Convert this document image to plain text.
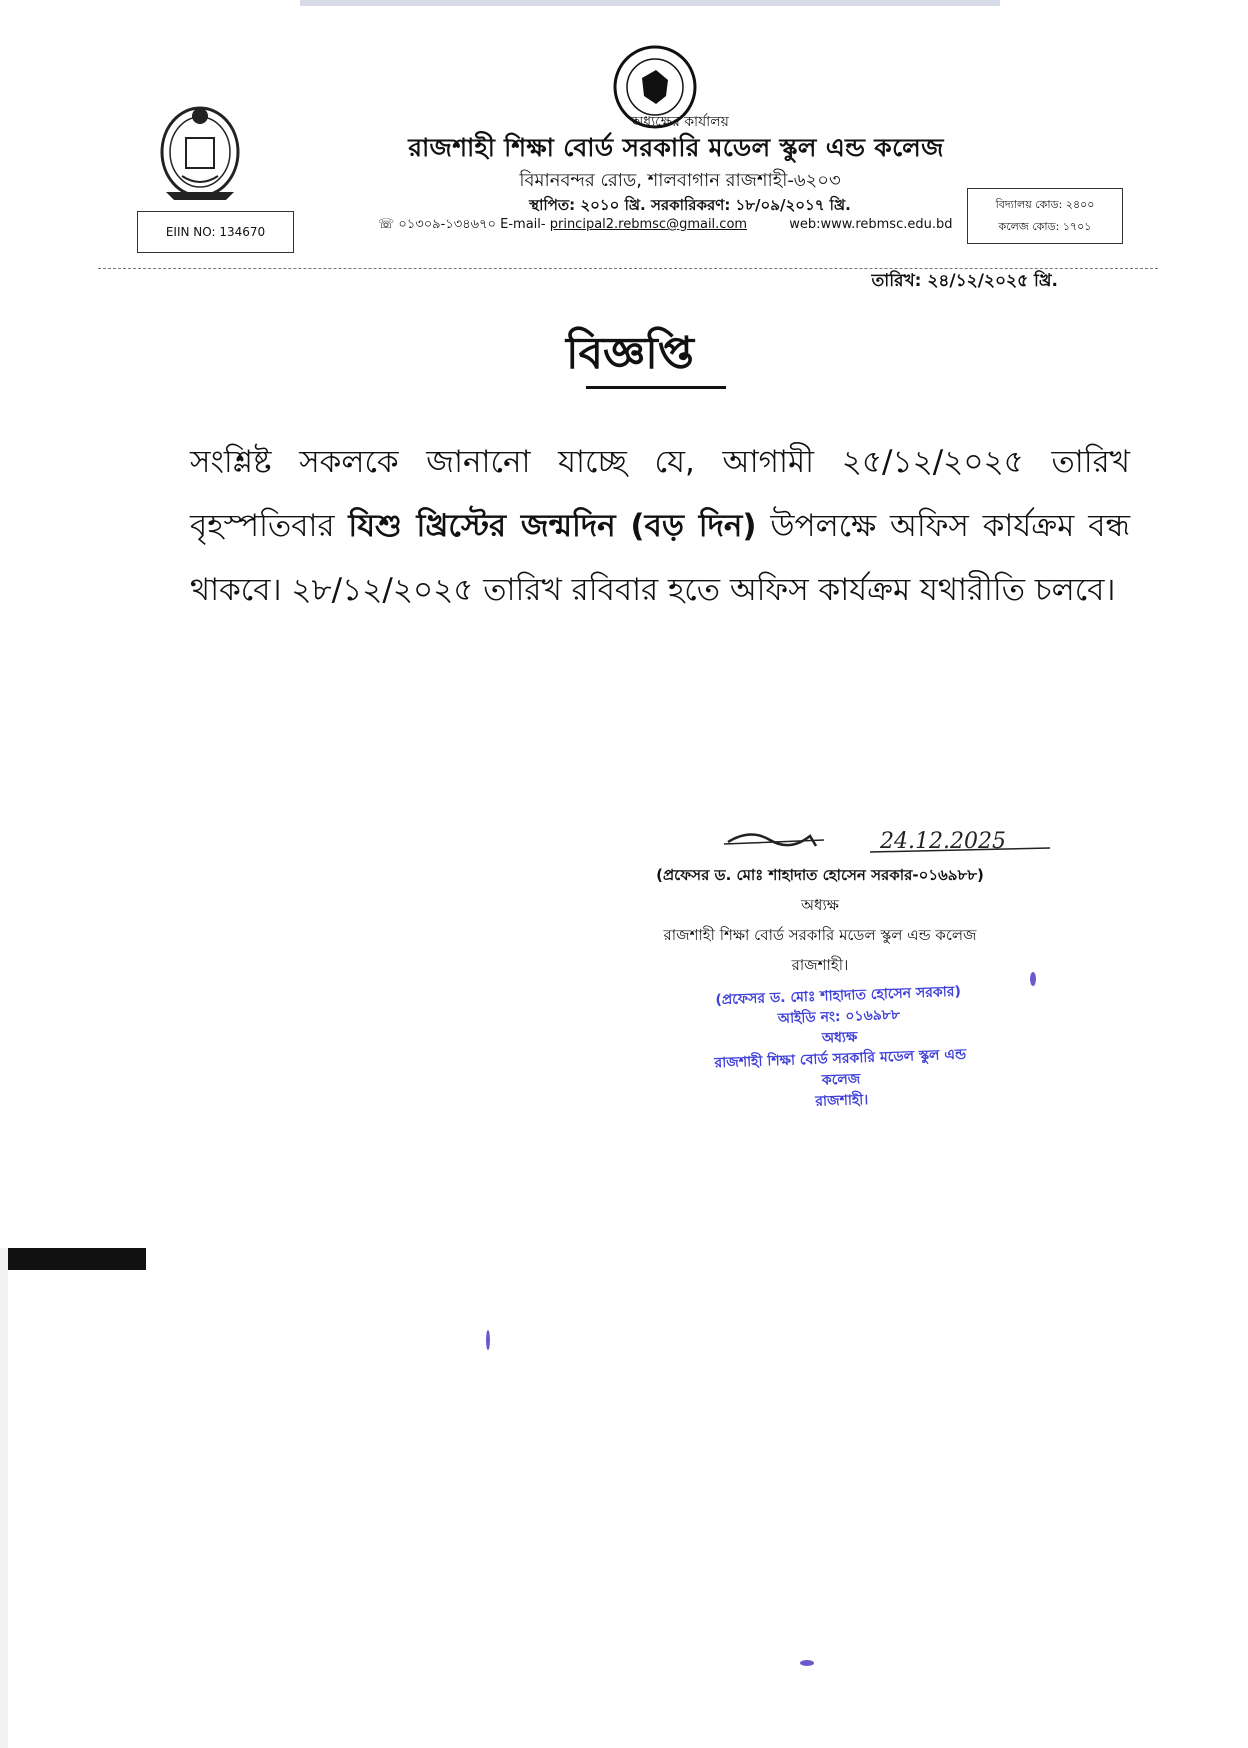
অধ্যক্ষের কার্যালয়
রাজশাহী শিক্ষা বোর্ড সরকারি মডেল স্কুল এন্ড কলেজ
বিমানবন্দর রোড, শালবাগান রাজশাহী-৬২০৩
স্থাপিত: ২০১০ খ্রি. সরকারিকরণ: ১৮/০৯/২০১৭ খ্রি.
☏ ০১৩০৯-১৩৪৬৭০ E-mail- principal2.rebmsc@gmail.com	web:www.rebmsc.edu.bd
EIIN NO: 134670
বিদ্যালয় কোড: ২৪০০
কলেজ কোড: ১৭০১
তারিখ: ২৪/১২/২০২৫ খ্রি.
বিজ্ঞপ্তি
সংশ্লিষ্ট সকলকে জানানো যাচ্ছে যে, আগামী ২৫/১২/২০২৫ তারিখ বৃহস্পতিবার যিশু খ্রিস্টের জন্মদিন (বড় দিন) উপলক্ষে অফিস কার্যক্রম বন্ধ থাকবে। ২৮/১২/২০২৫ তারিখ রবিবার হতে অফিস কার্যক্রম যথারীতি চলবে।
24.12.2025
(প্রফেসর ড. মোঃ শাহাদাত হোসেন সরকার-০১৬৯৮৮)
অধ্যক্ষ
রাজশাহী শিক্ষা বোর্ড সরকারি মডেল স্কুল এন্ড কলেজ
রাজশাহী।
(প্রফেসর ড. মোঃ শাহাদাত হোসেন সরকার)
আইডি নং: ০১৬৯৮৮
অধ্যক্ষ
রাজশাহী শিক্ষা বোর্ড সরকারি মডেল স্কুল এন্ড কলেজ
রাজশাহী।
